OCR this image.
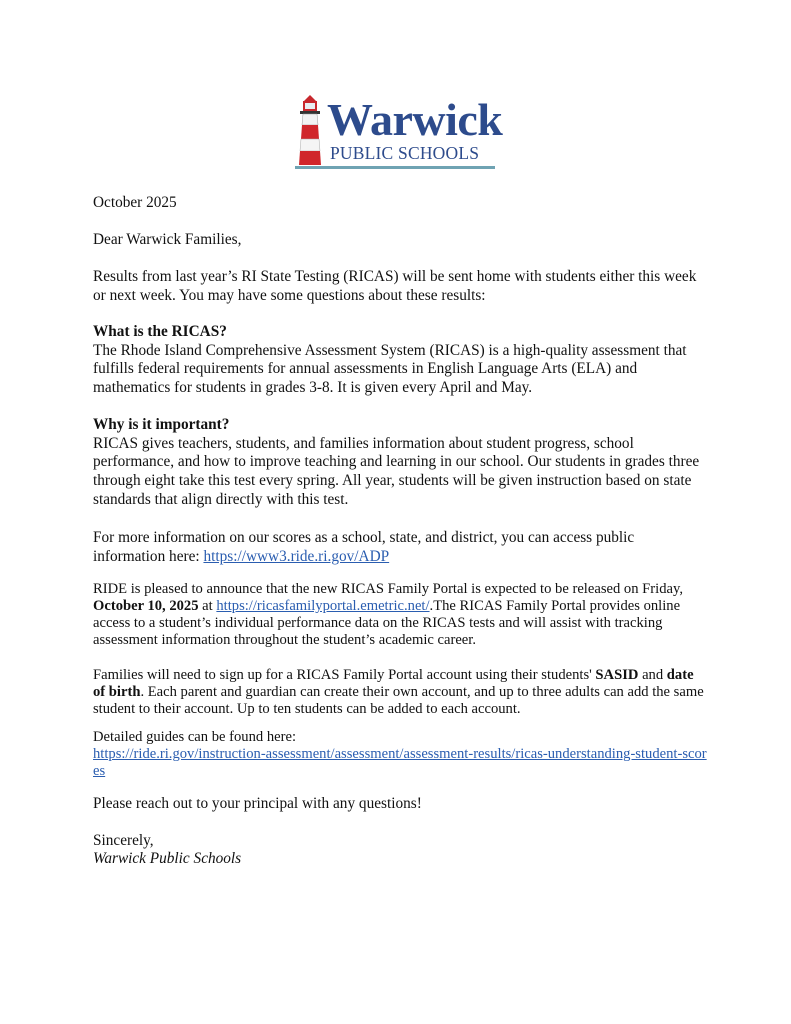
Warwick
PUBLIC SCHOOLS
October 2025
Dear Warwick Families,
Results from last year’s RI State Testing (RICAS) will be sent home with students either this week or next week. You may have some questions about these results:
What is the RICAS?
The Rhode Island Comprehensive Assessment System (RICAS) is a high-quality assessment that fulfills federal requirements for annual assessments in English Language Arts (ELA) and mathematics for students in grades 3-8. It is given every April and May.
Why is it important?
RICAS gives teachers, students, and families information about student progress, school performance, and how to improve teaching and learning in our school. Our students in grades three through eight take this test every spring. All year, students will be given instruction based on state standards that align directly with this test.
For more information on our scores as a school, state, and district, you can access public information here: https://www3.ride.ri.gov/ADP
RIDE is pleased to announce that the new RICAS Family Portal is expected to be released on Friday, October 10, 2025 at https://ricasfamilyportal.emetric.net/.The RICAS Family Portal provides online access to a student’s individual performance data on the RICAS tests and will assist with tracking assessment information throughout the student’s academic career.
Families will need to sign up for a RICAS Family Portal account using their students' SASID and date of birth. Each parent and guardian can create their own account, and up to three adults can add the same student to their account. Up to ten students can be added to each account.
Detailed guides can be found here:
https://ride.ri.gov/instruction-assessment/assessment/assessment-results/ricas-understanding-student-scores
Please reach out to your principal with any questions!
Sincerely,
Warwick Public Schools
